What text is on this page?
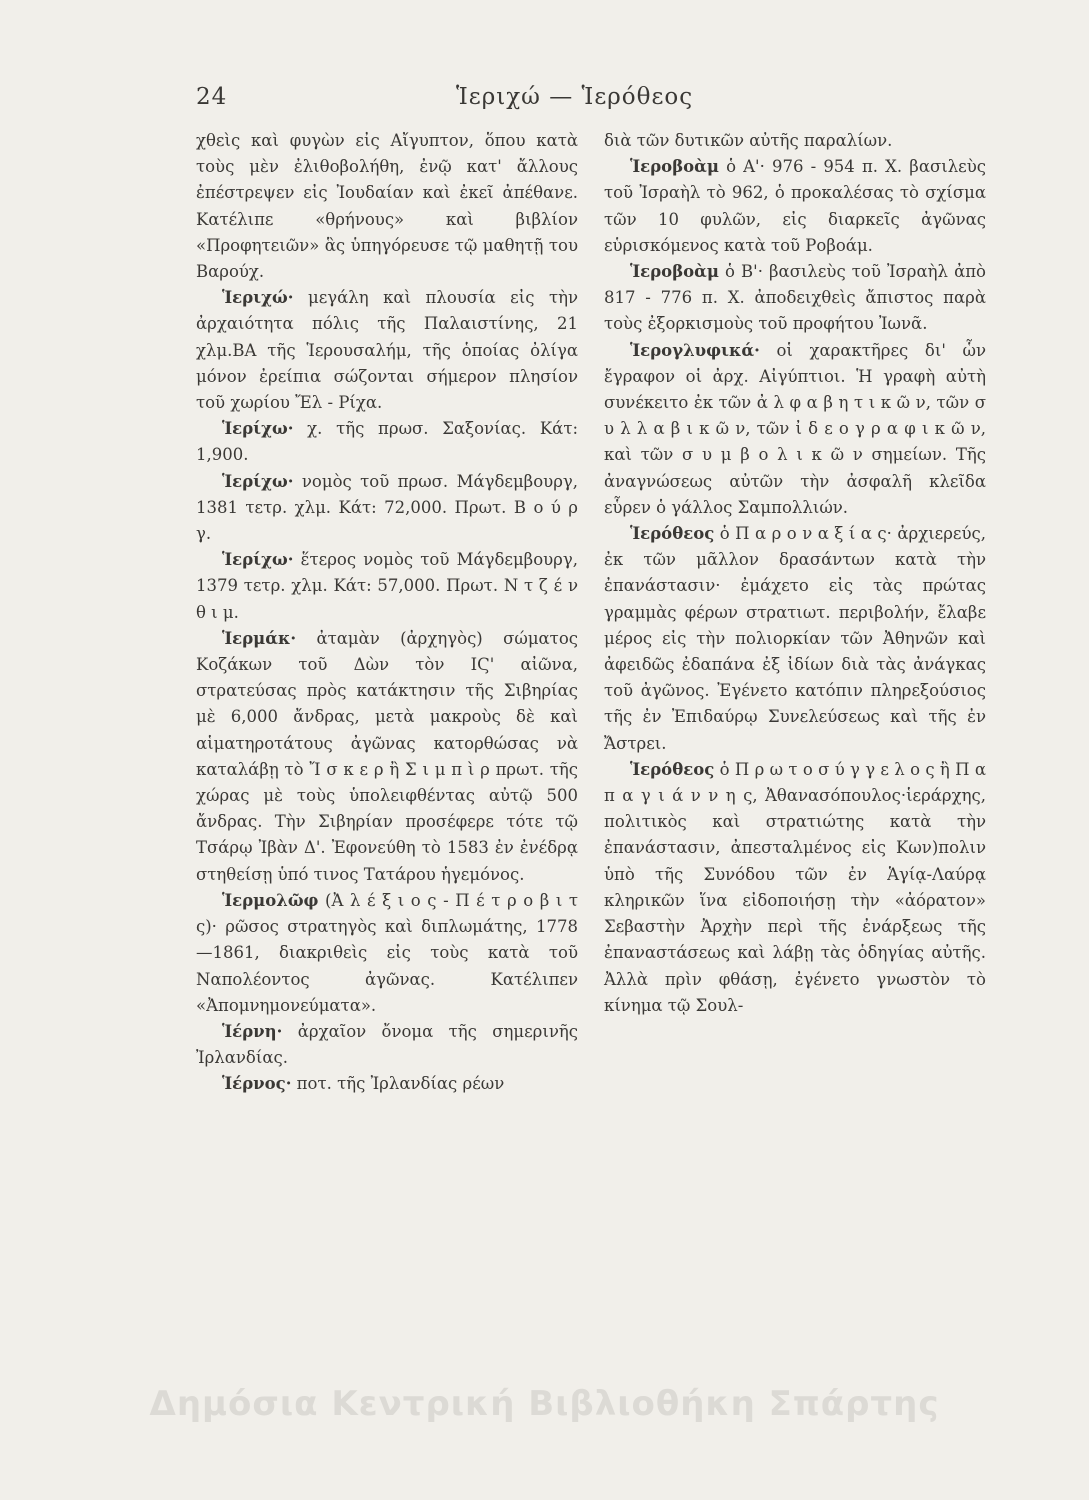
24	Ἱεριχώ — Ἱερόθεος

χθεὶς καὶ φυγὼν εἰς Αἴγυπτον, ὅπου κατὰ τοὺς μὲν ἐλιθοβολήθη, ἐνῷ κατ' ἄλλους ἐπέστρεψεν εἰς Ἰουδαίαν καὶ ἐκεῖ ἀπέθανε. Κατέλιπε «θρήνους» καὶ βιβλίον «Προφητειῶν» ἃς ὑπηγόρευσε τῷ μαθητῇ του Βαρούχ.

Ἱεριχώ· μεγάλη καὶ πλουσία εἰς τὴν ἀρχαιότητα πόλις τῆς Παλαιστίνης, 21 χλμ.ΒΑ τῆς Ἱερουσαλήμ, τῆς ὁποίας ὀλίγα μόνον ἐρείπια σώζονται σήμερον πλησίον τοῦ χωρίου Ἔλ - Ρίχα.

Ἱερίχω· χ. τῆς πρωσ. Σαξονίας. Κάτ: 1,900.

Ἱερίχω· νομὸς τοῦ πρωσ. Μάγδεμβουργ, 1381 τετρ. χλμ. Κάτ: 72,000. Πρωτ. Β ο ύ ρ γ.

Ἱερίχω· ἕτερος νομὸς τοῦ Μάγδεμβουργ, 1379 τετρ. χλμ. Κάτ: 57,000. Πρωτ. Ν τ ζ έ ν θ ι μ.

Ἱερμάκ· ἀταμὰν (ἀρχηγὸς) σώματος Κοζάκων τοῦ Δὼν τὸν ΙϚ' αἰῶνα, στρατεύσας πρὸς κατάκτησιν τῆς Σιβηρίας μὲ 6,000 ἄνδρας, μετὰ μακροὺς δὲ καὶ αἱματηροτάτους ἀγῶνας κατορθώσας νὰ καταλάβῃ τὸ Ἴ σ κ ε ρ ἢ Σ ι μ π ὶ ρ πρωτ. τῆς χώρας μὲ τοὺς ὑπολειφθέντας αὐτῷ 500 ἄνδρας. Τὴν Σιβηρίαν προσέφερε τότε τῷ Τσάρῳ Ἰβὰν Δ'. Ἐφονεύθη τὸ 1583 ἐν ἐνέδρᾳ στηθείσῃ ὑπό τινος Τατάρου ἡγεμόνος.

Ἱερμολῶφ (Ἀ λ έ ξ ι ο ς - Π έ τ ρ ο β ι τ ς)· ρῶσος στρατηγὸς καὶ διπλωμάτης, 1778—1861, διακριθεὶς εἰς τοὺς κατὰ τοῦ Ναπολέοντος ἀγῶνας. Κατέλιπεν «Ἀπομνημονεύματα».

Ἱέρνη· ἀρχαῖον ὄνομα τῆς σημερινῆς Ἰρλανδίας.

Ἱέρνος· ποτ. τῆς Ἰρλανδίας ρέων

διὰ τῶν δυτικῶν αὐτῆς παραλίων.

Ἱεροβοὰμ ὁ Α'· 976 - 954 π. Χ. βασιλεὺς τοῦ Ἰσραὴλ τὸ 962, ὁ προκαλέσας τὸ σχίσμα τῶν 10 φυλῶν, εἰς διαρκεῖς ἀγῶνας εὑρισκόμενος κατὰ τοῦ Ροβοάμ.

Ἱεροβοὰμ ὁ Β'· βασιλεὺς τοῦ Ἰσραὴλ ἀπὸ 817 - 776 π. Χ. ἀποδειχθεὶς ἄπιστος παρὰ τοὺς ἐξορκισμοὺς τοῦ προφήτου Ἰωνᾶ.

Ἱερογλυφικά· οἱ χαρακτῆρες δι' ὧν ἔγραφον οἱ ἀρχ. Αἰγύπτιοι. Ἡ γραφὴ αὐτὴ συνέκειτο ἐκ τῶν ἀ λ φ α β η τ ι κ ῶ ν, τῶν σ υ λ λ α β ι κ ῶ ν, τῶν ἰ δ ε ο γ ρ α φ ι κ ῶ ν, καὶ τῶν σ υ μ β ο λ ι κ ῶ ν σημείων. Τῆς ἀναγνώσεως αὐτῶν τὴν ἀσφαλῆ κλεῖδα εὗρεν ὁ γάλλος Σαμπολλιών.

Ἱερόθεος ὁ Π α ρ ο ν α ξ ί α ς· ἀρχιερεύς, ἐκ τῶν μᾶλλον δρασάντων κατὰ τὴν ἐπανάστασιν· ἐμάχετο εἰς τὰς πρώτας γραμμὰς φέρων στρατιωτ. περιβολήν, ἔλαβε μέρος εἰς τὴν πολιορκίαν τῶν Ἀθηνῶν καὶ ἀφειδῶς ἐδαπάνα ἐξ ἰδίων διὰ τὰς ἀνάγκας τοῦ ἀγῶνος. Ἐγένετο κατόπιν πληρεξούσιος τῆς ἐν Ἐπιδαύρῳ Συνελεύσεως καὶ τῆς ἐν Ἄστρει.

Ἱερόθεος ὁ Π ρ ω τ ο σ ύ γ γ ε λ ο ς ἢ Π α π α γ ι ά ν ν η ς, Ἀθανασόπουλος·ἱεράρχης, πολιτικὸς καὶ στρατιώτης κατὰ τὴν ἐπανάστασιν, ἀπεσταλμένος εἰς Κων)πολιν ὑπὸ τῆς Συνόδου τῶν ἐν Ἁγίᾳ-Λαύρᾳ κληρικῶν ἵνα εἰδοποιήσῃ τὴν «ἀόρατον» Σεβαστὴν Ἀρχὴν περὶ τῆς ἐνάρξεως τῆς ἐπαναστάσεως καὶ λάβῃ τὰς ὁδηγίας αὐτῆς. Ἀλλὰ πρὶν φθάσῃ, ἐγένετο γνωστὸν τὸ κίνημα τῷ Σουλ-

Δημόσια Κεντρική Βιβλιοθήκη Σπάρτης
